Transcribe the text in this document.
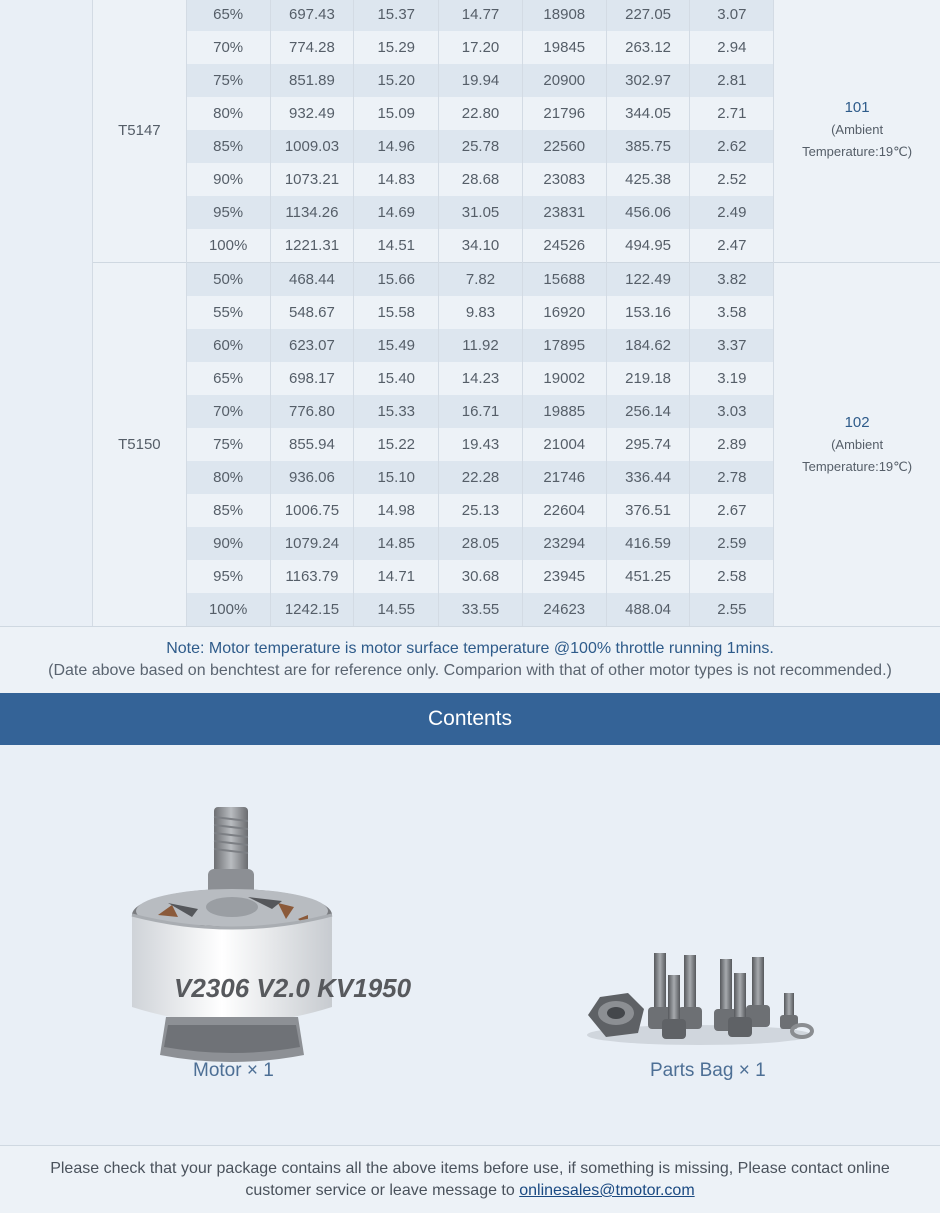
T5147	65%	697.43	15.37	14.77	18908	227.05	3.07	101
(Ambient
Temperature:19℃)

	70%	774.28	15.29	17.20	19845	263.12	2.94	
	75%	851.89	15.20	19.94	20900	302.97	2.81	
	80%	932.49	15.09	22.80	21796	344.05	2.71	
	85%	1009.03	14.96	25.78	22560	385.75	2.62	
	90%	1073.21	14.83	28.68	23083	425.38	2.52	
	95%	1134.26	14.69	31.05	23831	456.06	2.49	
	100%	1221.31	14.51	34.10	24526	494.95	2.47	
T5150	50%	468.44	15.66	7.82	15688	122.49	3.82	102
(Ambient
Temperature:19℃)

	55%	548.67	15.58	9.83	16920	153.16	3.58	
	60%	623.07	15.49	11.92	17895	184.62	3.37	
	65%	698.17	15.40	14.23	19002	219.18	3.19	
	70%	776.80	15.33	16.71	19885	256.14	3.03	
	75%	855.94	15.22	19.43	21004	295.74	2.89	
	80%	936.06	15.10	22.28	21746	336.44	2.78	
	85%	1006.75	14.98	25.13	22604	376.51	2.67	
	90%	1079.24	14.85	28.05	23294	416.59	2.59	
	95%	1163.79	14.71	30.68	23945	451.25	2.58	
	100%	1242.15	14.55	33.55	24623	488.04	2.55	
Note: Motor temperature is motor surface temperature @100% throttle running 1mins.
(Date above based on benchtest are for reference only. Comparion with that of other motor types is not recommended.)
Contents
V2306 V2.0 KV1950
Motor × 1	Parts Bag × 1
Please check that your package contains all the above items before use, if something is missing, Please contact online customer service or leave message to onlinesales@tmotor.com
